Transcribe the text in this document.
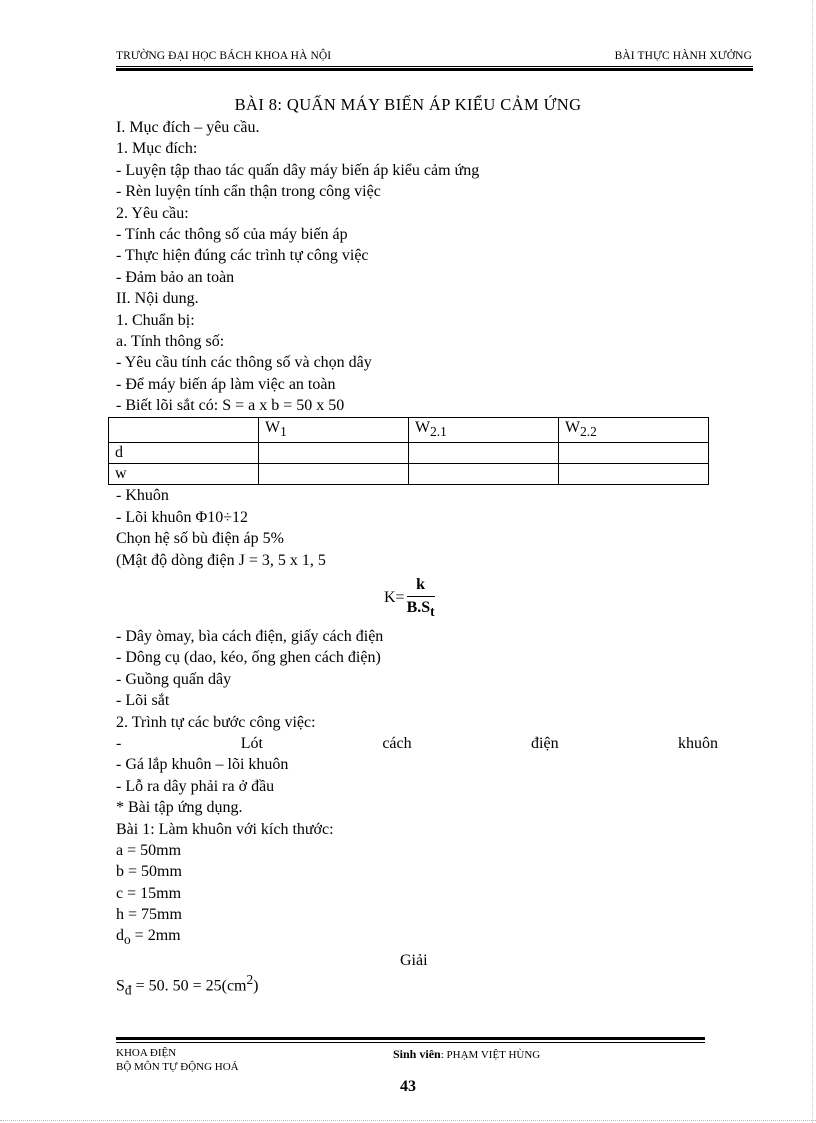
TRƯỜNG ĐẠI HỌC BÁCH KHOA HÀ NỘI	BÀI THỰC HÀNH XƯỞNG
BÀI 8: QUẤN MÁY BIẾN ÁP KIỂU CẢM ỨNG
I. Mục đích – yêu cầu.
1. Mục đích:
- Luyện tập thao tác quấn dây máy biến áp kiểu cảm ứng
- Rèn luyện tính cẩn thận trong công việc
2. Yêu cầu:
- Tính các thông số của máy biến áp
- Thực hiện đúng các trình tự công việc
- Đảm bảo an toàn
II. Nội dung.
1. Chuẩn bị:
a. Tính thông số:
- Yêu cầu tính các thông số và chọn dây
- Để máy biến áp làm việc an toàn
- Biết lõi sắt có: S = a x b = 50 x 50
	$W_1$	$W_{2.1}$	$W_{2.2}$
d			
w			
- Khuôn
- Lõi khuôn Φ10÷12
Chọn hệ số bù điện áp 5%
(Mật độ dòng điện J = 3, 5 x 1, 5
$K= \frac{k}{B.S_t}$
- Dây òmay, bìa cách điện, giấy cách điện
- Dông cụ (dao, kéo, ống ghen cách điện)
- Guồng quấn dây
- Lõi sắt
2. Trình tự các bước công việc:
-	Lót	cách	điện	khuôn
- Gá lắp khuôn – lõi khuôn
- Lỗ ra dây phải ra ở đầu
* Bài tập ứng dụng.
Bài 1: Làm khuôn với kích thước:
a = 50mm
b = 50mm
c = 15mm
h = 75mm
$d_o = 2mm$
Giải
$S_đ = 50$. $50 = 25(cm^2)$
KHOA ĐIỆN
BỘ MÔN TỰ ĐỘNG HOÁ
Sinh viên: PHẠM VIỆT HÙNG
43
